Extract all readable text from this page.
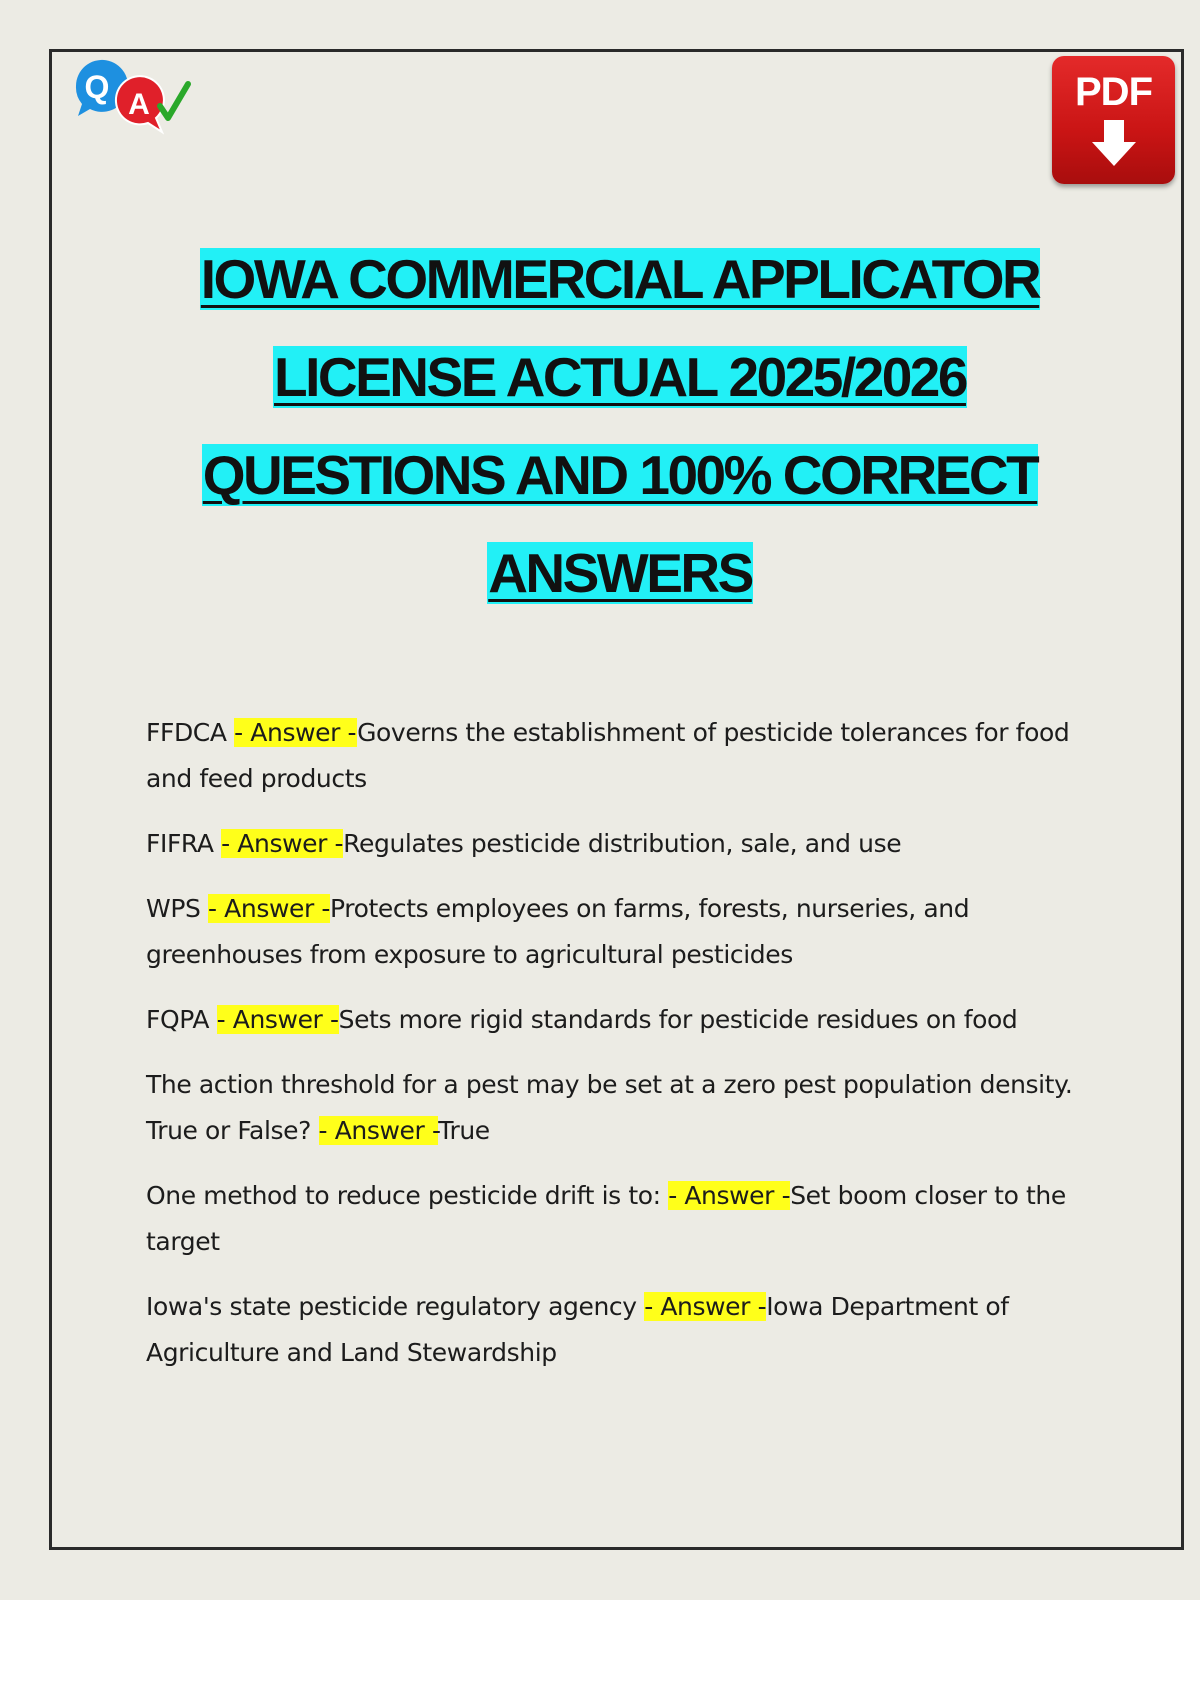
Q A	PDF
IOWA COMMERCIAL APPLICATOR
LICENSE ACTUAL 2025/2026
QUESTIONS AND 100% CORRECT
ANSWERS
FFDCA - Answer -Governs the establishment of pesticide tolerances for food and feed products
FIFRA - Answer -Regulates pesticide distribution, sale, and use
WPS - Answer -Protects employees on farms, forests, nurseries, and greenhouses from exposure to agricultural pesticides
FQPA - Answer -Sets more rigid standards for pesticide residues on food
The action threshold for a pest may be set at a zero pest population density. True or False? - Answer -True
One method to reduce pesticide drift is to: - Answer -Set boom closer to the target
Iowa's state pesticide regulatory agency - Answer -Iowa Department of Agriculture and Land Stewardship
